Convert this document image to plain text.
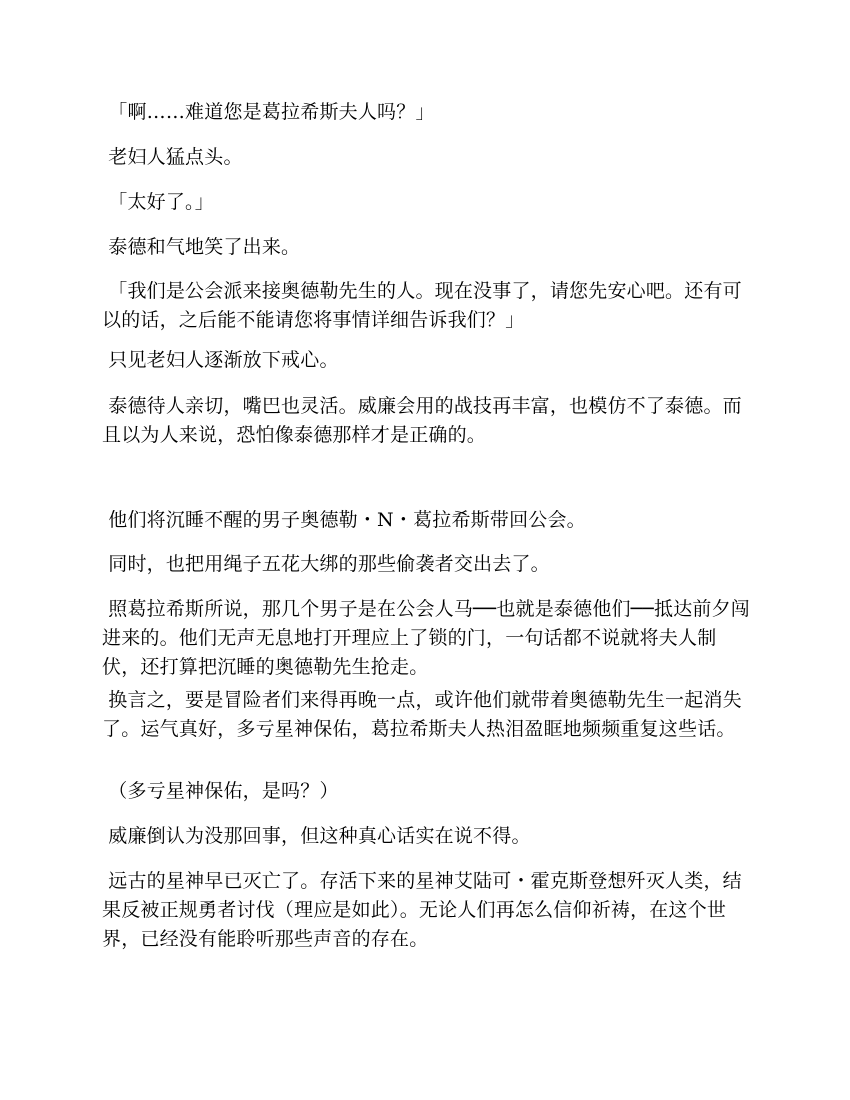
「啊……难道您是葛拉希斯夫人吗？」

老妇人猛点头。

「太好了。」

泰德和气地笑了出来。

「我们是公会派来接奥德勒先生的人。现在没事了，请您先安心吧。还有可以的话，之后能不能请您将事情详细告诉我们？」

只见老妇人逐渐放下戒心。

泰德待人亲切，嘴巴也灵活。威廉会用的战技再丰富，也模仿不了泰德。而且以为人来说，恐怕像泰德那样才是正确的。

他们将沉睡不醒的男子奥德勒・N・葛拉希斯带回公会。

同时，也把用绳子五花大绑的那些偷袭者交出去了。

照葛拉希斯所说，那几个男子是在公会人马──也就是泰德他们──抵达前夕闯进来的。他们无声无息地打开理应上了锁的门，一句话都不说就将夫人制伏，还打算把沉睡的奥德勒先生抢走。

换言之，要是冒险者们来得再晚一点，或许他们就带着奥德勒先生一起消失了。运气真好，多亏星神保佑，葛拉希斯夫人热泪盈眶地频频重复这些话。

（多亏星神保佑，是吗？）

威廉倒认为没那回事，但这种真心话实在说不得。

远古的星神早已灭亡了。存活下来的星神艾陆可・霍克斯登想歼灭人类，结果反被正规勇者讨伐（理应是如此）。无论人们再怎么信仰祈祷，在这个世界，已经没有能聆听那些声音的存在。
